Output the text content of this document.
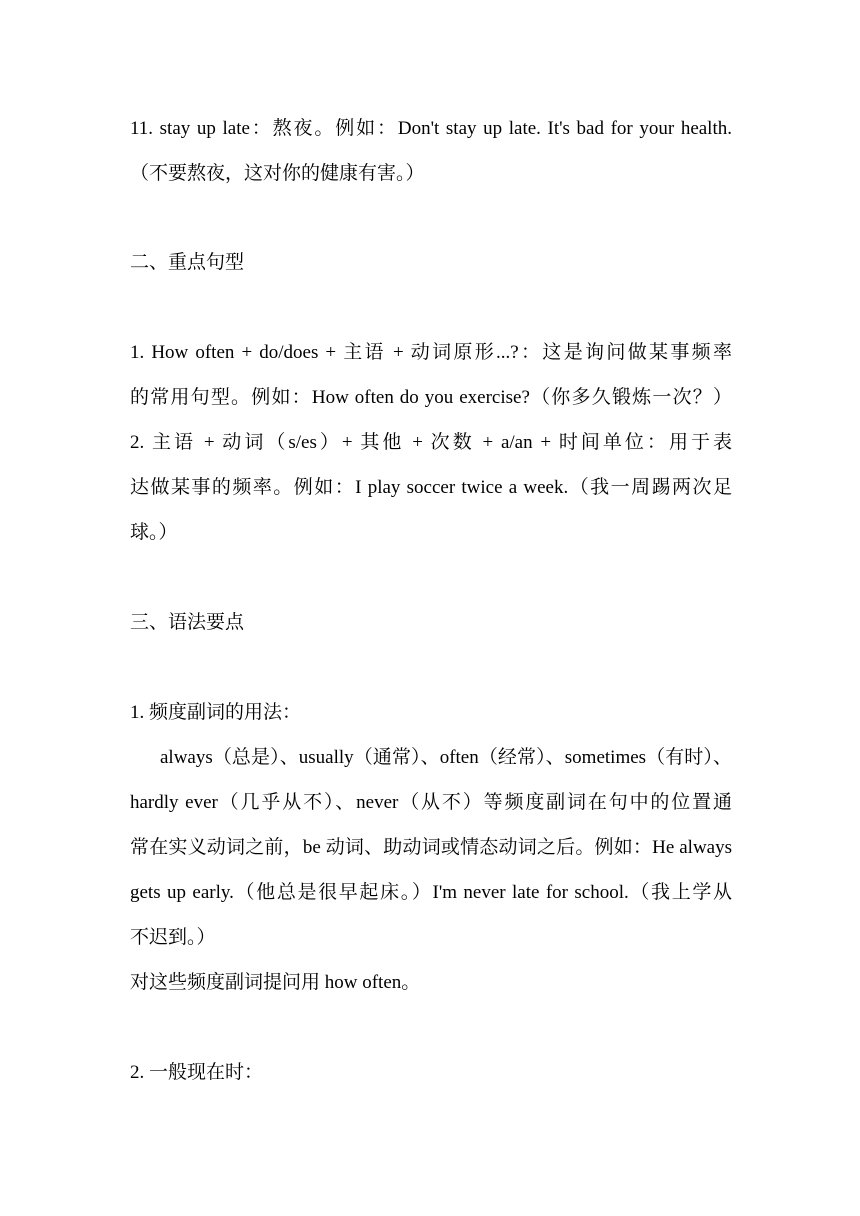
11. stay up late：熬夜。例如：Don't stay up late. It's bad for your health.
（不要熬夜，这对你的健康有害。）
二、重点句型
1. How often + do/does + 主语 + 动词原形...?：这是询问做某事频率
的常用句型。例如：How often do you exercise?（你多久锻炼一次？）
2. 主语 + 动词（s/es）+ 其他 + 次数 + a/an + 时间单位：用于表
达做某事的频率。例如：I play soccer twice a week.（我一周踢两次足
球。）
三、语法要点
1. 频度副词的用法：
always（总是）、usually（通常）、often（经常）、sometimes（有时）、
hardly ever（几乎从不）、never（从不）等频度副词在句中的位置通
常在实义动词之前，be 动词、助动词或情态动词之后。例如：He always
gets up early.（他总是很早起床。）I'm never late for school.（我上学从
不迟到。）
对这些频度副词提问用 how often。
2. 一般现在时：
